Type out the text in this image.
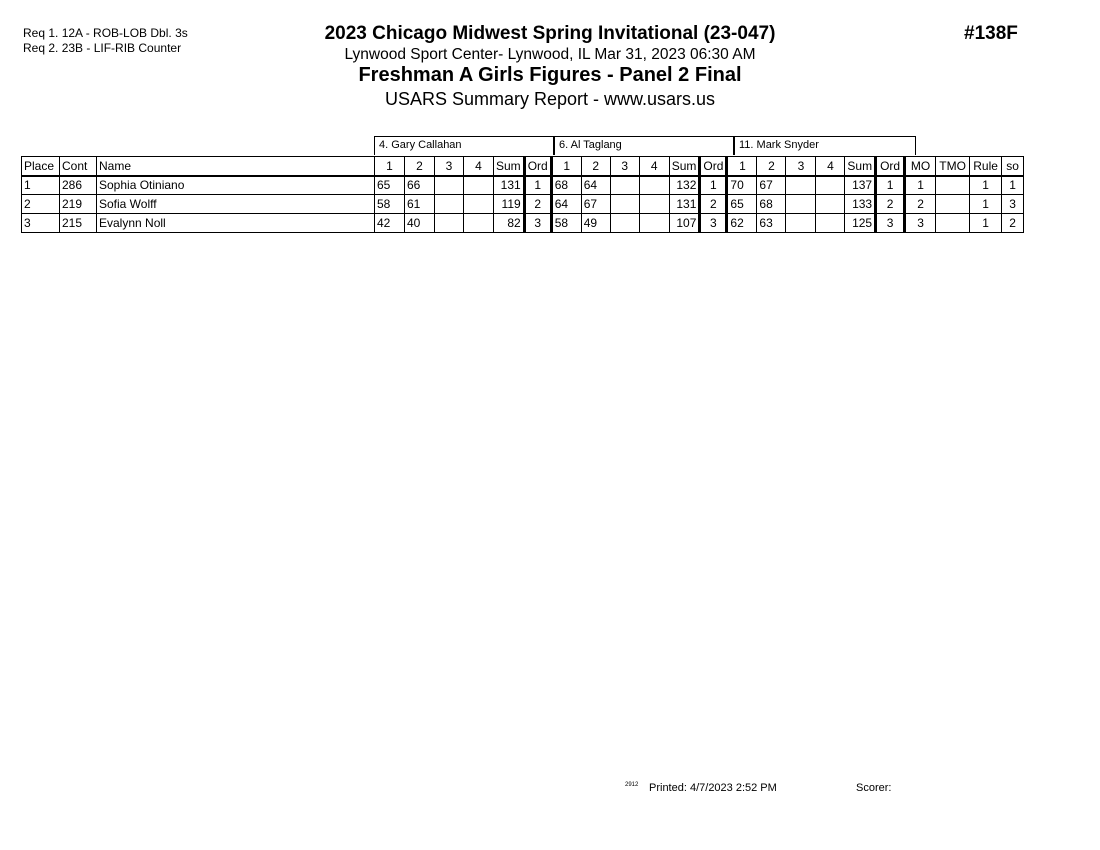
Req 1. 12A - ROB-LOB Dbl. 3s
Req 2. 23B - LIF-RIB Counter
2023 Chicago Midwest Spring Invitational (23-047)
Lynwood Sport Center- Lynwood, IL Mar 31, 2023 06:30 AM
Freshman A Girls Figures - Panel 2 Final
USARS Summary Report - www.usars.us
#138F
4. Gary Callahan	6. Al Taglang	11. Mark Snyder
Place	Cont	Name	1	2	3	4	Sum	Ord	1	2	3	4	Sum	Ord	1	2	3	4	Sum	Ord	MO	TMO	Rule	so
1	286	Sophia Otiniano	65	66			131	1	68	64			132	1	70	67			137	1	1		1	1
2	219	Sofia Wolff	58	61			119	2	64	67			131	2	65	68			133	2	2		1	3
3	215	Evalynn Noll	42	40			82	3	58	49			107	3	62	63			125	3	3		1	2
2912 Printed: 4/7/2023 2:52 PM	Scorer:
